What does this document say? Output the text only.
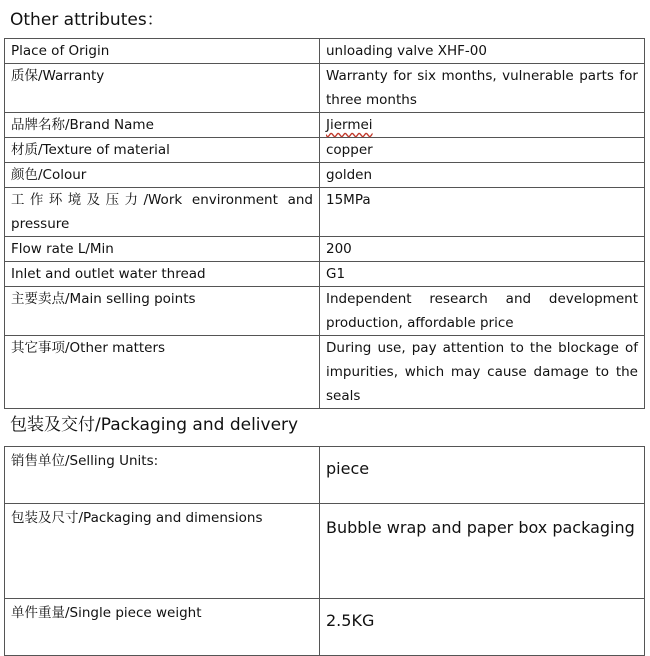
Other attributes：
Place of Origin	unloading valve XHF-00
质保/Warranty	Warranty for six months, vulnerable parts for three months
品牌名称/Brand Name	Jiermei
材质/Texture of material	copper
颜色/Colour	golden
工作环境及压力/Work environment and pressure	15MPa
Flow rate L/Min	200
Inlet and outlet water thread	G1
主要卖点/Main selling points	Independent research and development production, affordable price
其它事项/Other matters	During use, pay attention to the blockage of impurities, which may cause damage to the seals
包装及交付/Packaging and delivery
销售单位/Selling Units:	piece
包装及尺寸/Packaging and dimensions	Bubble wrap and paper box packaging
单件重量/Single piece weight	2.5KG
